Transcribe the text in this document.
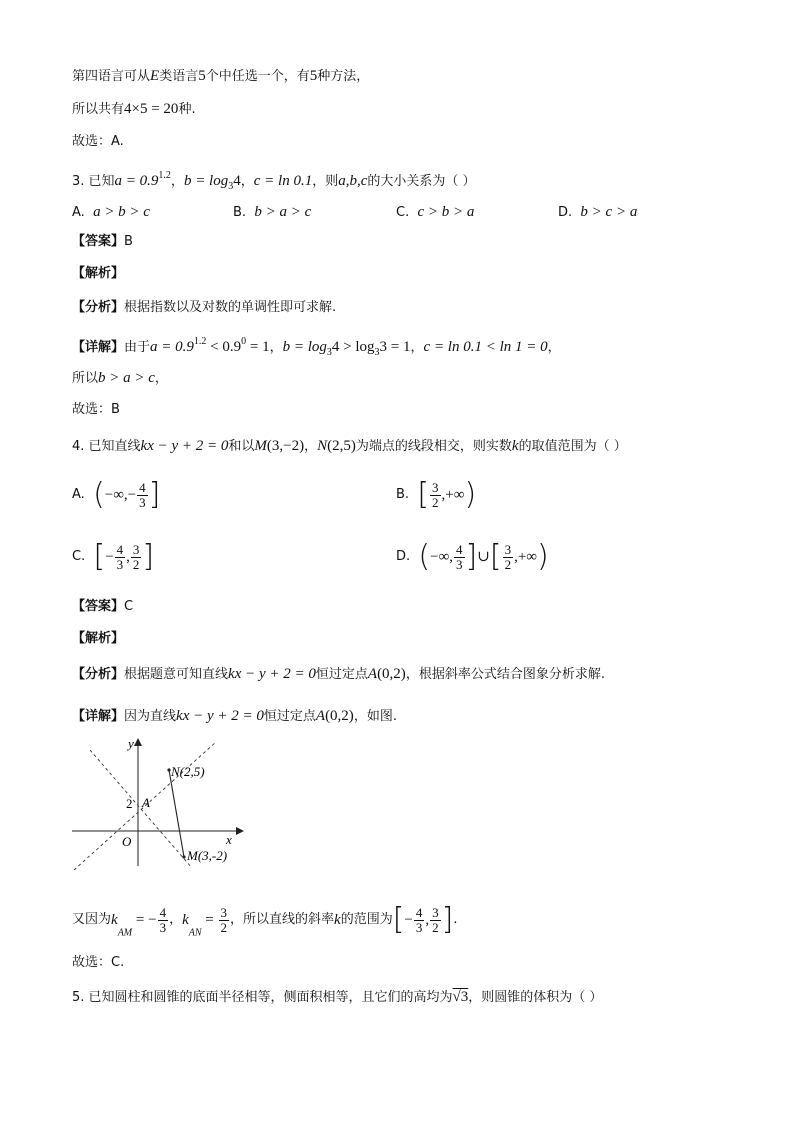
第四语言可从E类语言5个中任选一个，有5种方法，
所以共有4×5 = 20种.
故选：A.
3. 已知$a = 0.9^{1.2}$，$b = \log_34$，c = ln 0.1，则a,b,c的大小关系为（ ）
A. a > b > c	B. b > a > c	C. c > b > a	D. b > c > a
【答案】B
【解析】
【分析】根据指数以及对数的单调性即可求解.
【详解】由于$a = 0.9^{1.2} < 0.9^0 = 1$，$b = \log_34 > \log_33 = 1$，c = ln 0.1 < ln 1 = 0，
所以b > a > c，
故选：B
4. 已知直线kx − y + 2 = 0和以M(3,−2)，N(2,5)为端点的线段相交，则实数k的取值范围为（ ）
A. (−∞,− $\frac{4}{3}$ ]	B. [ $\frac{3}{2}$ ,+∞)
C. [− $\frac{4}{3}$ , $\frac{3}{2}$ ]	D. (−∞, $\frac{4}{3}$ ]∪[ $\frac{3}{2}$ ,+∞)
【答案】C
【解析】
【分析】根据题意可知直线kx − y + 2 = 0恒过定点A(0,2)，根据斜率公式结合图象分析求解.
【详解】因为直线kx − y + 2 = 0恒过定点A(0,2)，如图.
y
x
O
2 A
N(2,5)
M(3,-2)
又因为$k_{AM}$ = − $\frac{4}{3}$ ，$k_{AN} = \frac{3}{2}$ ，所以直线的斜率k的范围为[− $\frac{4}{3}$ , $\frac{3}{2}$ ].
故选：C.
5. 已知圆柱和圆锥的底面半径相等，侧面积相等，且它们的高均为√3，则圆锥的体积为（ ）
